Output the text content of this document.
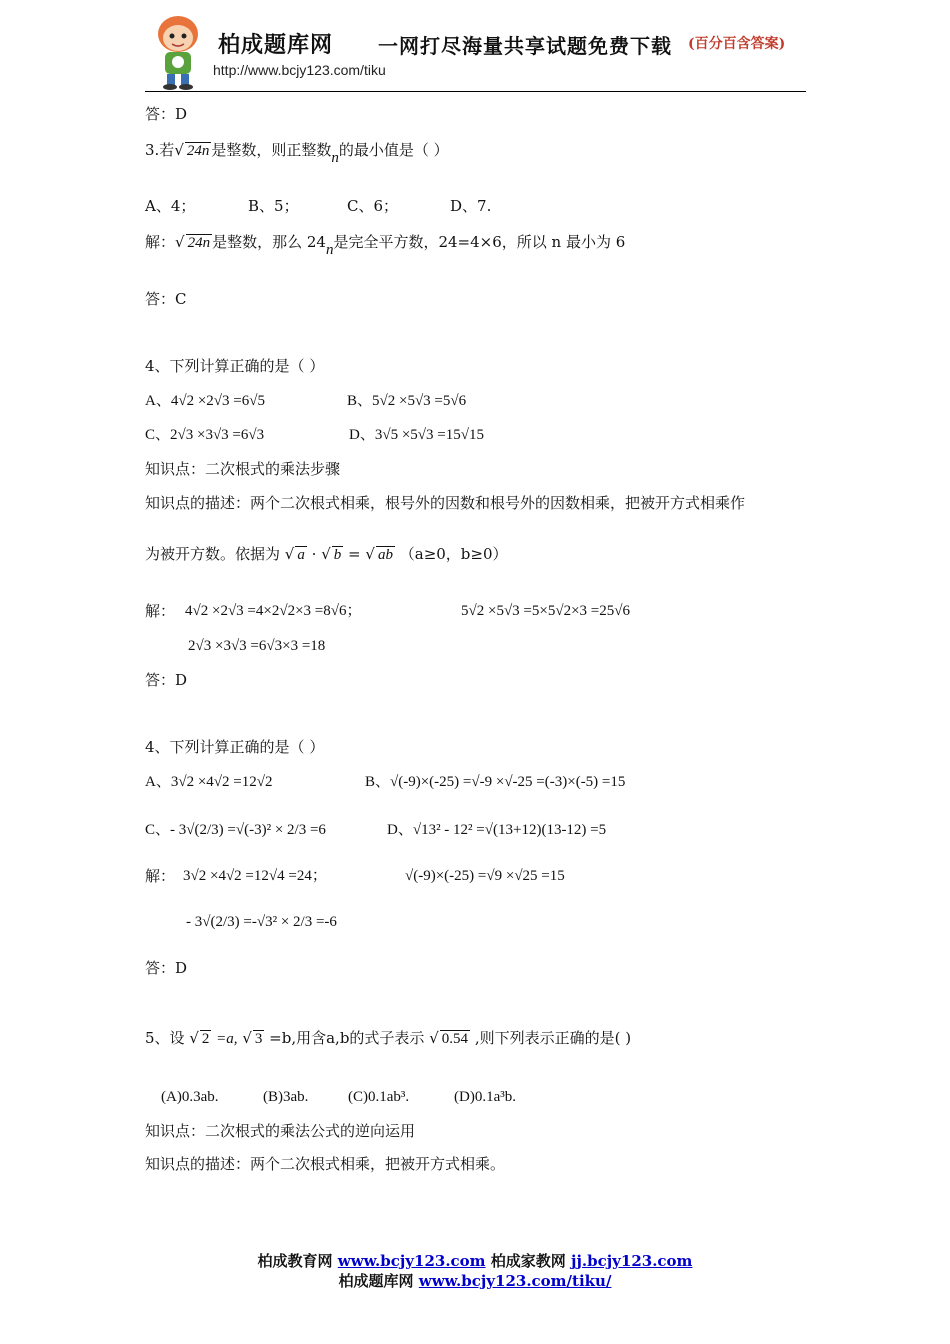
柏成题库网 一网打尽海量共享试题免费下载 (百分百含答案)
http://www.bcjy123.com/tiku
答：D
3.若√ 24n 是整数，则正整数n的最小值是（ ）
A、4；	B、5；	C、6；	D、7.
解：√ 24n 是整数，那么 24n是完全平方数，24=4×6，所以 n 最小为 6
答：C
4、下列计算正确的是（ ）
A、4√2 ×2√3 =6√5	B、5√2 ×5√3 =5√6
C、2√3 ×3√3 =6√3	D、3√5 ×5√3 =15√15
知识点：二次根式的乘法步骤
知识点的描述：两个二次根式相乘，根号外的因数和根号外的因数相乘，把被开方式相乘作
为被开方数。依据为 √ a · √ b = √ ab （a≥0，b≥0）
解： 4√2 ×2√3 =4×2√2×3 =8√6；	5√2 ×5√3 =5×5√2×3 =25√6
2√3 ×3√3 =6√3×3 =18
答：D
4、下列计算正确的是（ ）
A、3√2 ×4√2 =12√2	B、√(-9)×(-25) =√-9 ×√-25 =(-3)×(-5) =15
C、- 3√(2/3) =√(-3)² × 2/3 =6	D、√13² - 12² =√(13+12)(13-12) =5
解： 3√2 ×4√2 =12√4 =24；	√(-9)×(-25) =√9 ×√25 =15
- 3√(2/3) =-√3² × 2/3 =-6
答：D
5、设 √ 2 =a, √ 3 =b,用含a,b的式子表示 √ 0.54 ,则下列表示正确的是( )
(A)0.3ab.	(B)3ab.	(C)0.1ab³.	(D)0.1a³b.
知识点：二次根式的乘法公式的逆向运用
知识点的描述：两个二次根式相乘，把被开方式相乘。
柏成教育网 www.bcjy123.com 柏成家教网 jj.bcjy123.com
柏成题库网 www.bcjy123.com/tiku/
